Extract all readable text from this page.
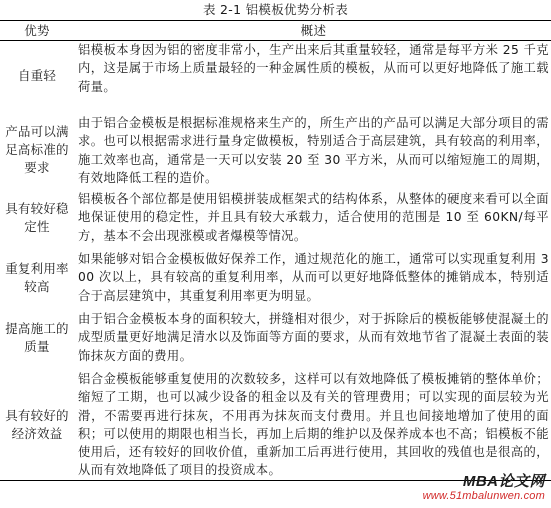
表 2-1 铝模板优势分析表
优势	概述
自重轻
铝模板本身因为铝的密度非常小，生产出来后其重量较轻，通常是每平方米 25 千克内，这是属于市场上质量最轻的一种金属性质的模板，从而可以更好地降低了施工载荷量。
产品可以满足高标准的要求
由于铝合金模板是根据标准规格来生产的，所生产出的产品可以满足大部分项目的需求。也可以根据需求进行量身定做模板，特别适合于高层建筑，具有较高的利用率，施工效率也高，通常是一天可以安装 20 至 30 平方米，从而可以缩短施工的周期，有效地降低工程的造价。
具有较好稳定性
铝模板各个部位都是使用铝模拼装成框架式的结构体系，从整体的硬度来看可以全面地保证使用的稳定性，并且具有较大承载力，适合使用的范围是 10 至 60KN/每平方，基本不会出现涨模或者爆模等情况。
重复利用率较高
如果能够对铝合金模板做好保养工作，通过规范化的施工，通常可以实现重复利用 300 次以上，具有较高的重复利用率，从而可以更好地降低整体的摊销成本，特别适合于高层建筑中，其重复利用率更为明显。
提高施工的质量
由于铝合金模板本身的面积较大，拼缝相对很少，对于拆除后的模板能够使混凝土的成型质量更好地满足清水以及饰面等方面的要求，从而有效地节省了混凝土表面的装饰抹灰方面的费用。
具有较好的经济效益
铝合金模板能够重复使用的次数较多，这样可以有效地降低了模板摊销的整体单价；缩短了工期，也可以减少设备的租金以及有关的管理费用；可以实现的面层较为光滑，不需要再进行抹灰，不用再为抹灰而支付费用。并且也间接地增加了使用的面积；可以使用的期限也相当长，再加上后期的维护以及保养成本也不高；铝模板不能使用后，还有较好的回收价值，重新加工后再进行使用，其回收的残值也是很高的，从而有效地降低了项目的投资成本。
MBA论文网
www.51mbalunwen.com
